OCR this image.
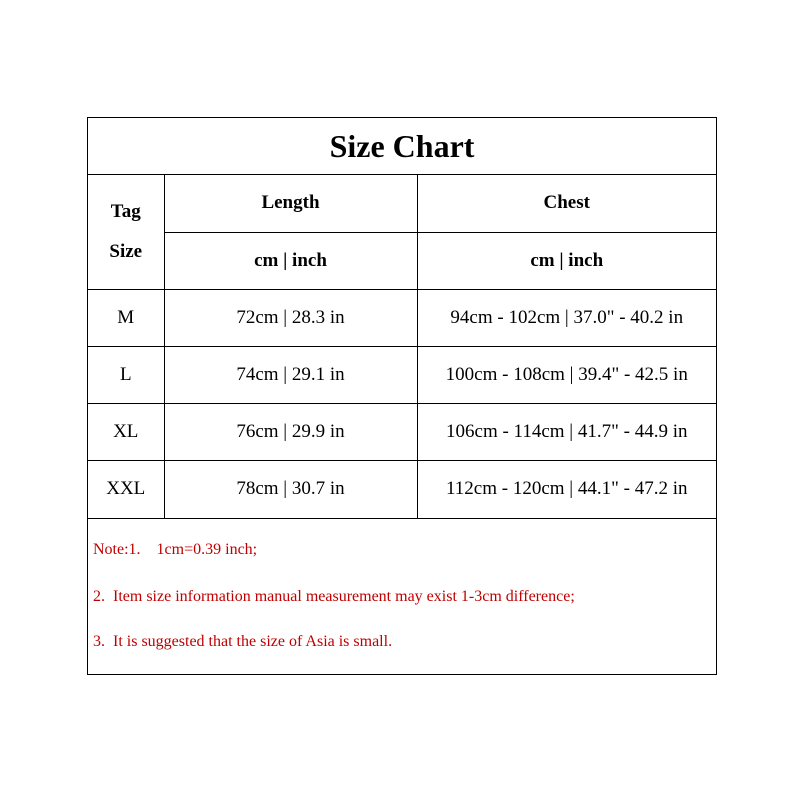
Size Chart
Tag
Size	Length	Chest
	cm | inch	cm | inch
M	72cm | 28.3 in	94cm - 102cm | 37.0" - 40.2 in
L	74cm | 29.1 in	100cm - 108cm | 39.4" - 42.5 in
XL	76cm | 29.9 in	106cm - 114cm | 41.7" - 44.9 in
XXL	78cm | 30.7 in	112cm - 120cm | 44.1" - 47.2 in
Note:1.    1cm=0.39 inch;
2.  Item size information manual measurement may exist 1-3cm difference;
3.  It is suggested that the size of Asia is small.
